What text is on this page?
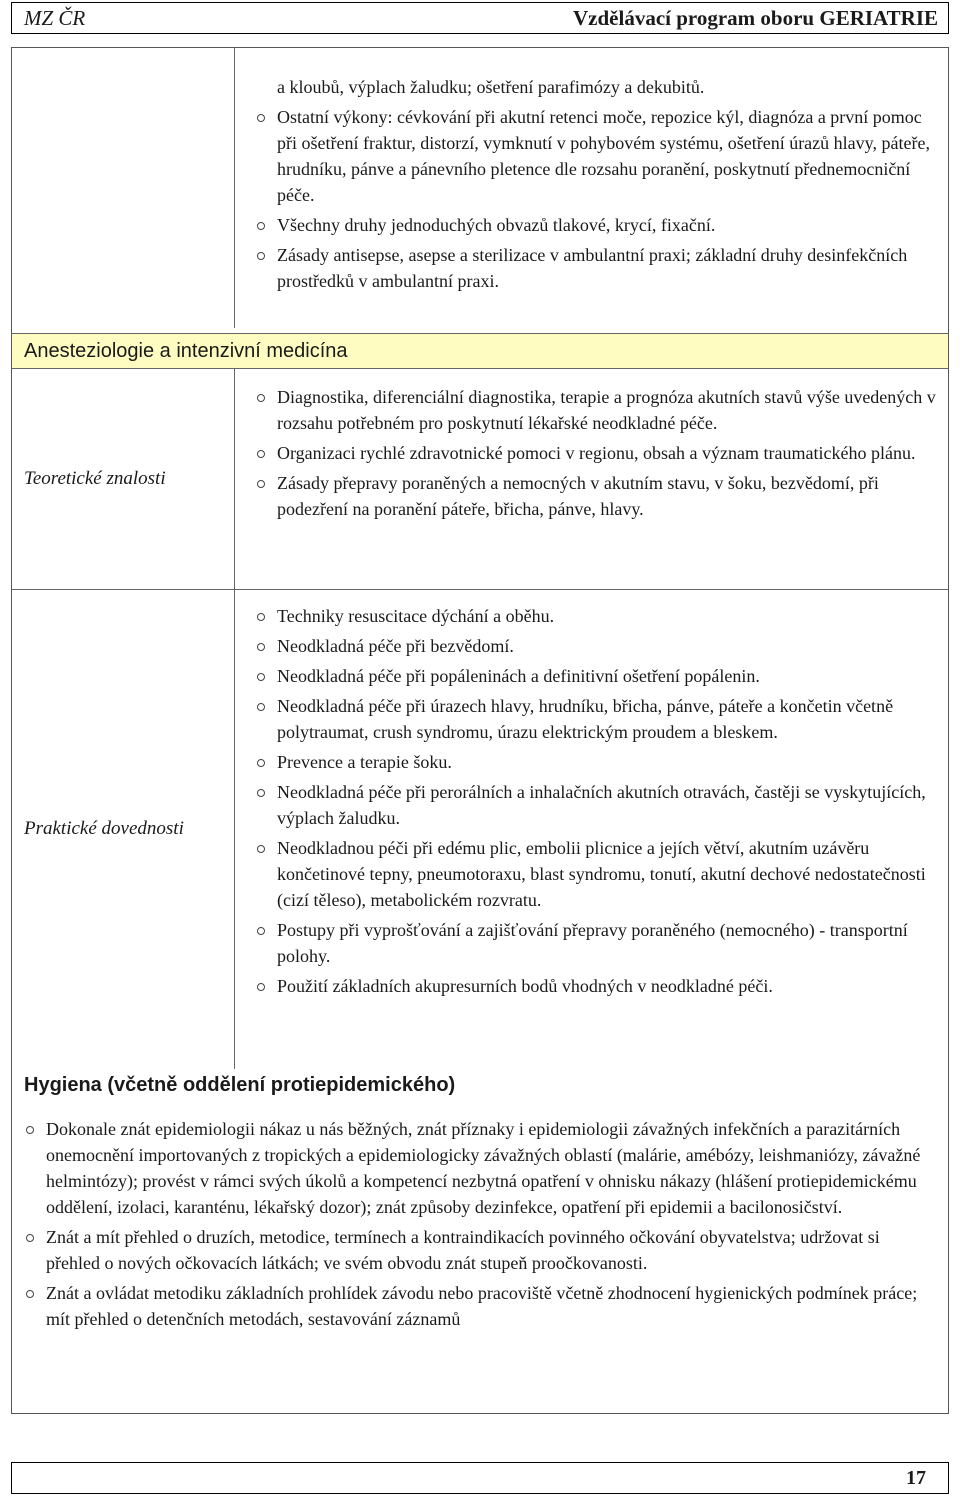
MZ ČR	Vzdělávací program oboru GERIATRIE
a kloubů, výplach žaludku; ošetření parafimózy a dekubitů.
Ostatní výkony: cévkování při akutní retenci moče, repozice kýl, diagnóza a první pomoc při ošetření fraktur, distorzí, vymknutí v pohybovém systému, ošetření úrazů hlavy, páteře, hrudníku, pánve a pánevního pletence dle rozsahu poranění, poskytnutí přednemocniční péče.
Všechny druhy jednoduchých obvazů tlakové, krycí, fixační.
Zásady antisepse, asepse a sterilizace v ambulantní praxi; základní druhy desinfekčních prostředků v ambulantní praxi.
Anesteziologie a intenzivní medicína
Teoretické znalosti
Diagnostika, diferenciální diagnostika, terapie a prognóza akutních stavů výše uvedených v rozsahu potřebném pro poskytnutí lékařské neodkladné péče.
Organizaci rychlé zdravotnické pomoci v regionu, obsah a význam traumatického plánu.
Zásady přepravy poraněných a nemocných v akutním stavu, v šoku, bezvědomí, při podezření na poranění páteře, břicha, pánve, hlavy.
Praktické dovednosti
Techniky resuscitace dýchání a oběhu.
Neodkladná péče při bezvědomí.
Neodkladná péče při popáleninách a definitivní ošetření popálenin.
Neodkladná péče při úrazech hlavy, hrudníku, břicha, pánve, páteře a končetin včetně polytraumat, crush syndromu, úrazu elektrickým proudem a bleskem.
Prevence a terapie šoku.
Neodkladná péče při perorálních a inhalačních akutních otravách, častěji se vyskytujících, výplach žaludku.
Neodkladnou péči při edému plic, embolii plicnice a jejích větví, akutním uzávěru končetinové tepny, pneumotoraxu, blast syndromu, tonutí, akutní dechové nedostatečnosti (cizí těleso), metabolickém rozvratu.
Postupy při vyprošťování a zajišťování přepravy poraněného (nemocného) - transportní polohy.
Použití základních akupresurních bodů vhodných v neodkladné péči.
Hygiena (včetně oddělení protiepidemického)
Dokonale znát epidemiologii nákaz u nás běžných, znát příznaky i epidemiologii závažných infekčních a parazitárních onemocnění importovaných z tropických a epidemiologicky závažných oblastí (malárie, amébózy, leishmaniózy, závažné helmintózy); provést v rámci svých úkolů a kompetencí nezbytná opatření v ohnisku nákazy (hlášení protiepidemickému oddělení, izolaci, karanténu, lékařský dozor); znát způsoby dezinfekce, opatření při epidemii a bacilonosičství.
Znát a mít přehled o druzích, metodice, termínech a kontraindikacích povinného očkování obyvatelstva; udržovat si přehled o nových očkovacích látkách; ve svém obvodu znát stupeň proočkovanosti.
Znát a ovládat metodiku základních prohlídek závodu nebo pracoviště včetně zhodnocení hygienických podmínek práce; mít přehled o detenčních metodách, sestavování záznamů
17
